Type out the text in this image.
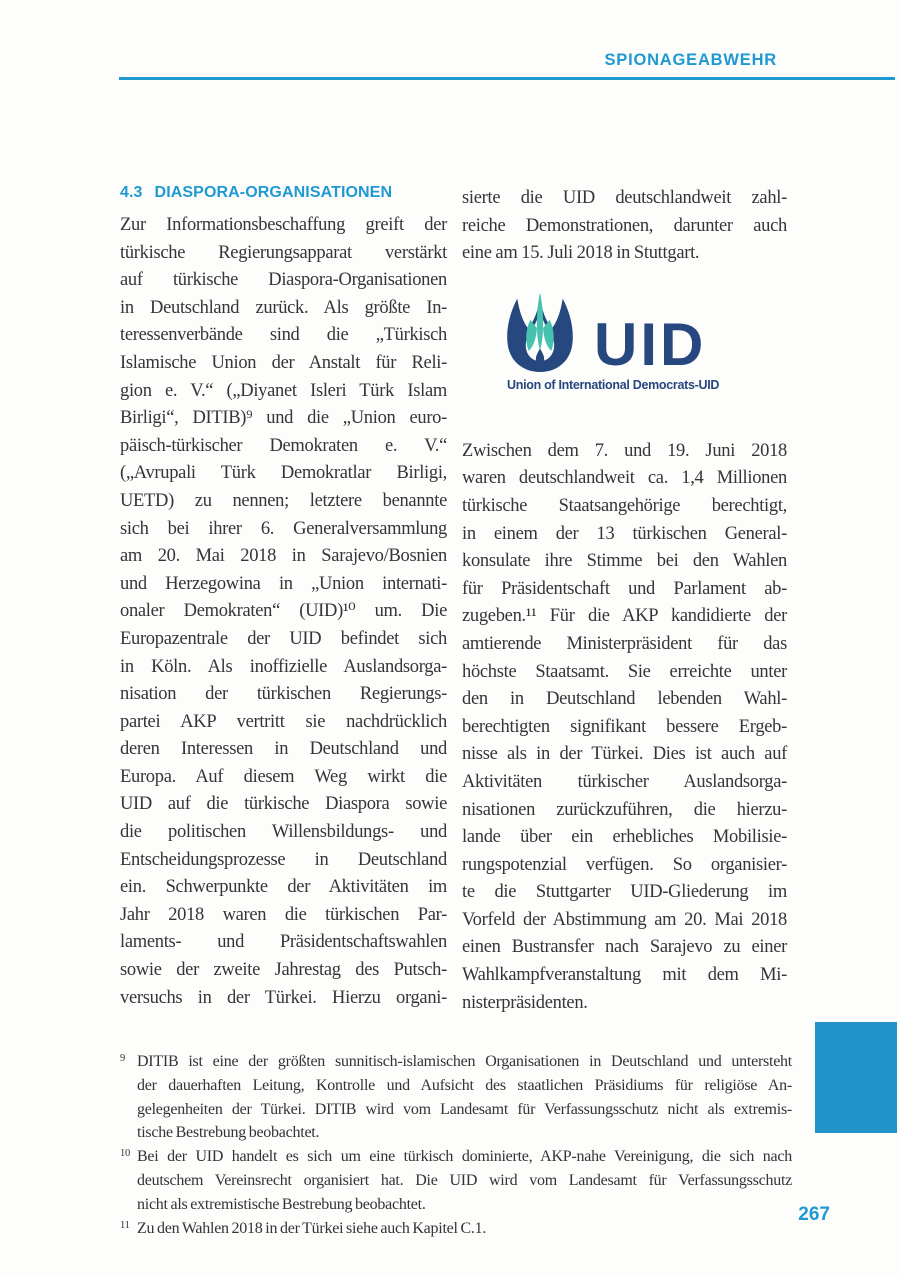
SPIONAGEABWEHR
4.3 DIASPORA-ORGANISATIONEN
Zur Informationsbeschaffung greift der
türkische Regierungsapparat verstärkt
auf türkische Diaspora-Organisationen
in Deutschland zurück. Als größte In-
teressenverbände sind die „Türkisch
Islamische Union der Anstalt für Reli-
gion e. V.“ („Diyanet Isleri Türk Islam
Birligi“, DITIB)⁹ und die „Union euro-
päisch-türkischer Demokraten e. V.“
(„Avrupali Türk Demokratlar Birligi,
UETD) zu nennen; letztere benannte
sich bei ihrer 6. Generalversammlung
am 20. Mai 2018 in Sarajevo/Bosnien
und Herzegowina in „Union internati-
onaler Demokraten“ (UID)¹⁰ um. Die
Europazentrale der UID befindet sich
in Köln. Als inoffizielle Auslandsorga-
nisation der türkischen Regierungs-
partei AKP vertritt sie nachdrücklich
deren Interessen in Deutschland und
Europa. Auf diesem Weg wirkt die
UID auf die türkische Diaspora sowie
die politischen Willensbildungs- und
Entscheidungsprozesse in Deutschland
ein. Schwerpunkte der Aktivitäten im
Jahr 2018 waren die türkischen Par-
laments- und Präsidentschaftswahlen
sowie der zweite Jahrestag des Putsch-
versuchs in der Türkei. Hierzu organi-
sierte die UID deutschlandweit zahl-
reiche Demonstrationen, darunter auch
eine am 15. Juli 2018 in Stuttgart.
UID
Union of International Democrats-UID
Zwischen dem 7. und 19. Juni 2018
waren deutschlandweit ca. 1,4 Millionen
türkische Staatsangehörige berechtigt,
in einem der 13 türkischen General-
konsulate ihre Stimme bei den Wahlen
für Präsidentschaft und Parlament ab-
zugeben.¹¹ Für die AKP kandidierte der
amtierende Ministerpräsident für das
höchste Staatsamt. Sie erreichte unter
den in Deutschland lebenden Wahl-
berechtigten signifikant bessere Ergeb-
nisse als in der Türkei. Dies ist auch auf
Aktivitäten türkischer Auslandsorga-
nisationen zurückzuführen, die hierzu-
lande über ein erhebliches Mobilisie-
rungspotenzial verfügen. So organisier-
te die Stuttgarter UID-Gliederung im
Vorfeld der Abstimmung am 20. Mai 2018
einen Bustransfer nach Sarajevo zu einer
Wahlkampfveranstaltung mit dem Mi-
nisterpräsidenten.
9 DITIB ist eine der größten sunnitisch-islamischen Organisationen in Deutschland und untersteht
der dauerhaften Leitung, Kontrolle und Aufsicht des staatlichen Präsidiums für religiöse An-
gelegenheiten der Türkei. DITIB wird vom Landesamt für Verfassungsschutz nicht als extremis-
tische Bestrebung beobachtet.
10 Bei der UID handelt es sich um eine türkisch dominierte, AKP-nahe Vereinigung, die sich nach
deutschem Vereinsrecht organisiert hat. Die UID wird vom Landesamt für Verfassungsschutz
nicht als extremistische Bestrebung beobachtet.
11 Zu den Wahlen 2018 in der Türkei siehe auch Kapitel C.1.
267
